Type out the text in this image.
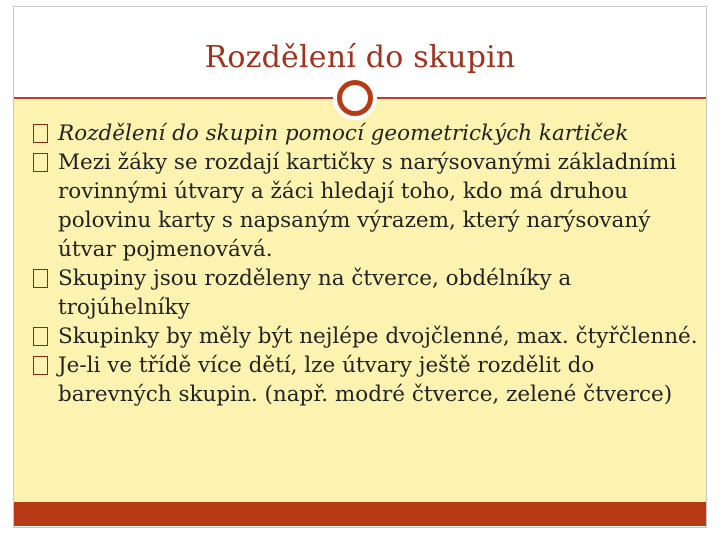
Rozdělení do skupin

Rozdělení do skupin pomocí geometrických kartiček

Mezi žáky se rozdají kartičky s narýsovanými základními rovinnými útvary a žáci hledají toho, kdo má druhou polovinu karty s napsaným výrazem, který narýsovaný útvar pojmenovává.

Skupiny jsou rozděleny na čtverce, obdélníky a trojúhelníky

Skupinky by měly být nejlépe dvojčlenné, max. čtyřčlenné.

Je-li ve třídě více dětí, lze útvary ještě rozdělit do barevných skupin. (např. modré čtverce, zelené čtverce)
